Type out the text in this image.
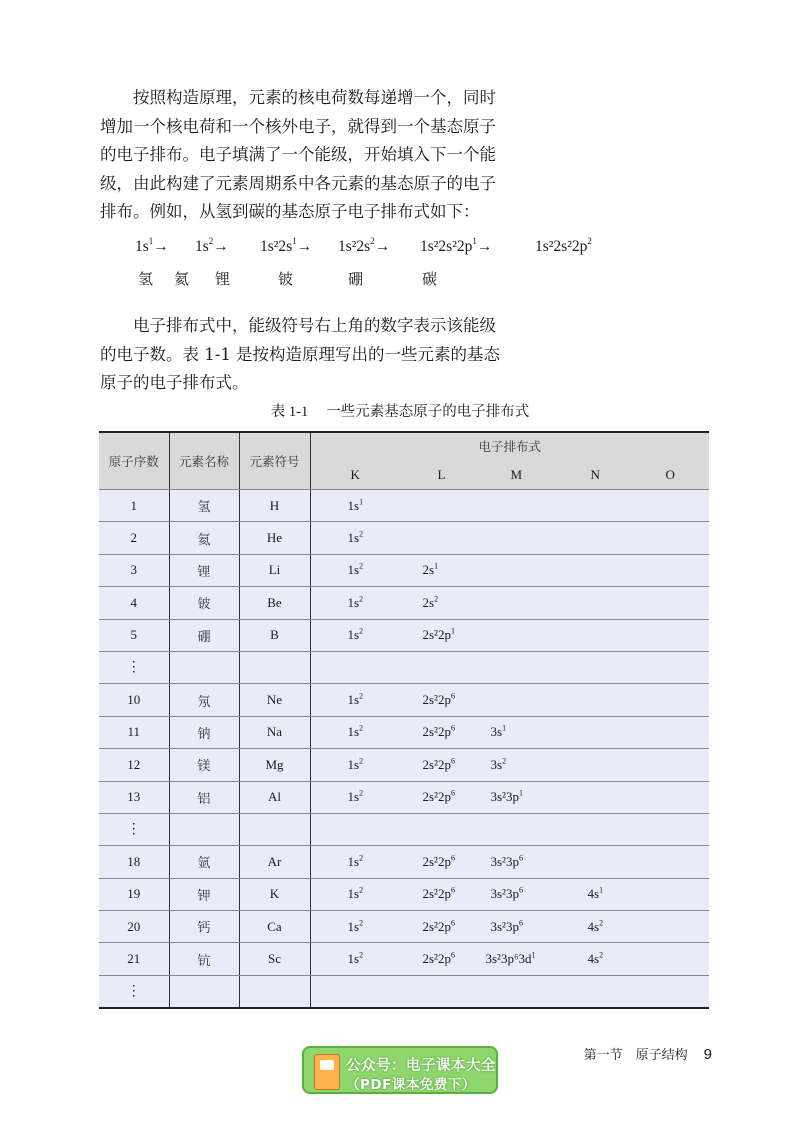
按照构造原理，元素的核电荷数每递增一个，同时增加一个核电荷和一个核外电子，就得到一个基态原子的电子排布。电子填满了一个能级，开始填入下一个能级，由此构建了元素周期系中各元素的基态原子的电子排布。例如，从氢到碳的基态原子电子排布式如下：

$1s^1\to$
氢
$1s^2\to$
氦
$1s^22s^1\to$
锂
$1s^22s^2\to$
铍
$1s^22s^22p^1\to$
硼
$1s^22s^22p^2$
碳

电子排布式中，能级符号右上角的数字表示该能级的电子数。表 1-1 是按构造原理写出的一些元素的基态原子的电子排布式。

表 1-1 一些元素基态原子的电子排布式
原子序数	元素名称	元素符号	电子排布式

			K L M N O

1	氢	H	$1s^1$

2	氦	He	$1s^2$

3	锂	Li	$1s^2$ $2s^1$

4	铍	Be	$1s^2$ $2s^2$

5	硼	B	$1s^2$ $2s^22p^1$

⋮			
10	氖	Ne	$1s^2$ $2s^22p^6$

11	钠	Na	$1s^2$ $2s^22p^6$ $3s^1$

12	镁	Mg	$1s^2$ $2s^22p^6$ $3s^2$

13	铝	Al	$1s^2$ $2s^22p^6$ $3s^23p^1$

⋮			
18	氩	Ar	$1s^2$ $2s^22p^6$ $3s^23p^6$

19	钾	K	$1s^2$ $2s^22p^6$ $3s^23p^6$ $4s^1$

20	钙	Ca	$1s^2$ $2s^22p^6$ $3s^23p^6$ $4s^2$

21	钪	Sc	$1s^2$ $2s^22p^6$ $3s^23p^63d^1$ $4s^2$

⋮			
第一节　原子结构 9
公众号：电子课本大全
（PDF课本免费下）
